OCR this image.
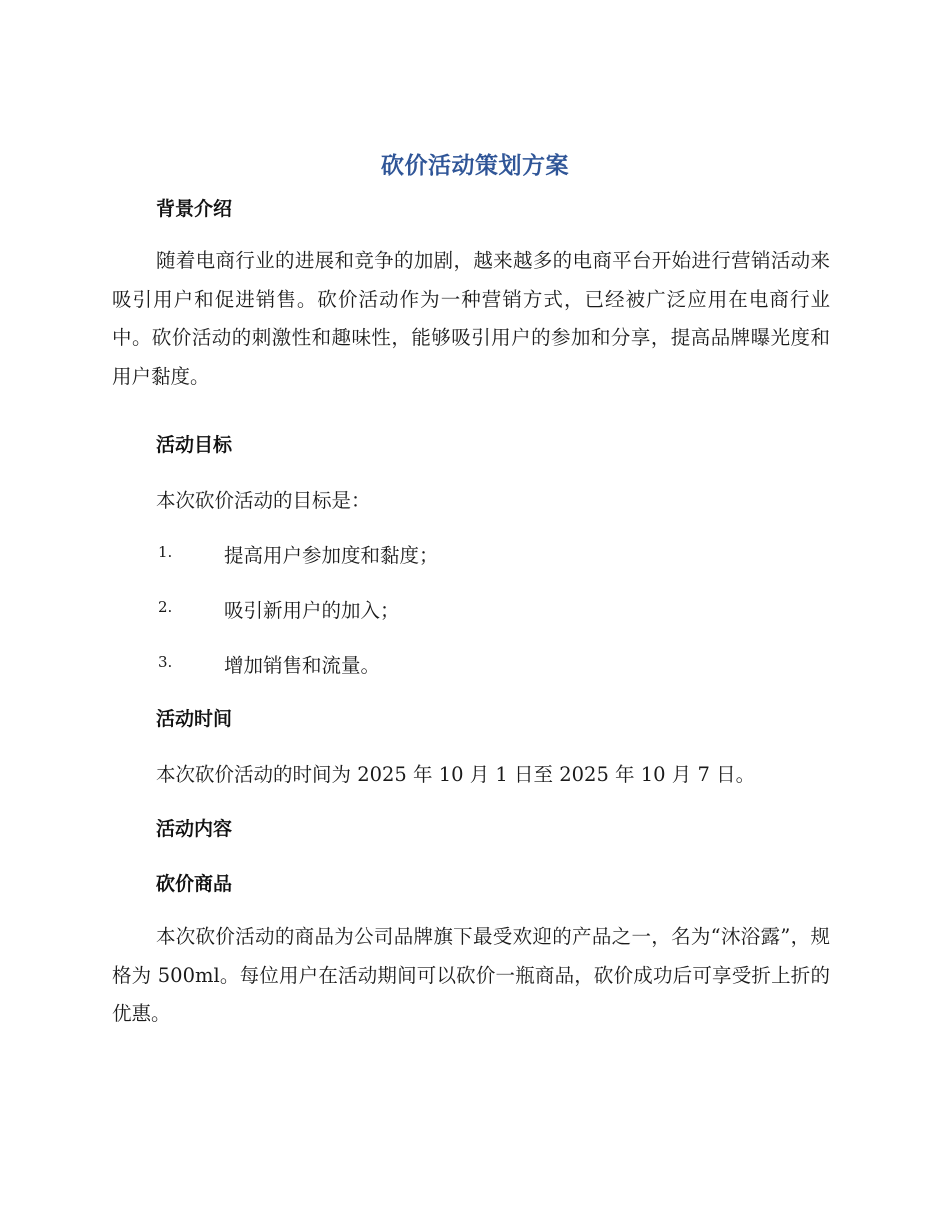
砍价活动策划方案
背景介绍
随着电商行业的进展和竞争的加剧，越来越多的电商平台开始进行营销活动来吸引用户和促进销售。砍价活动作为一种营销方式，已经被广泛应用在电商行业中。砍价活动的刺激性和趣味性，能够吸引用户的参加和分享，提高品牌曝光度和用户黏度。
活动目标
本次砍价活动的目标是：
1.	提高用户参加度和黏度；
2.	吸引新用户的加入；
3.	增加销售和流量。
活动时间
本次砍价活动的时间为 2025 年 10 月 1 日至 2025 年 10 月 7 日。
活动内容
砍价商品
本次砍价活动的商品为公司品牌旗下最受欢迎的产品之一，名为“沐浴露”，规格为 500ml。每位用户在活动期间可以砍价一瓶商品，砍价成功后可享受折上折的优惠。
